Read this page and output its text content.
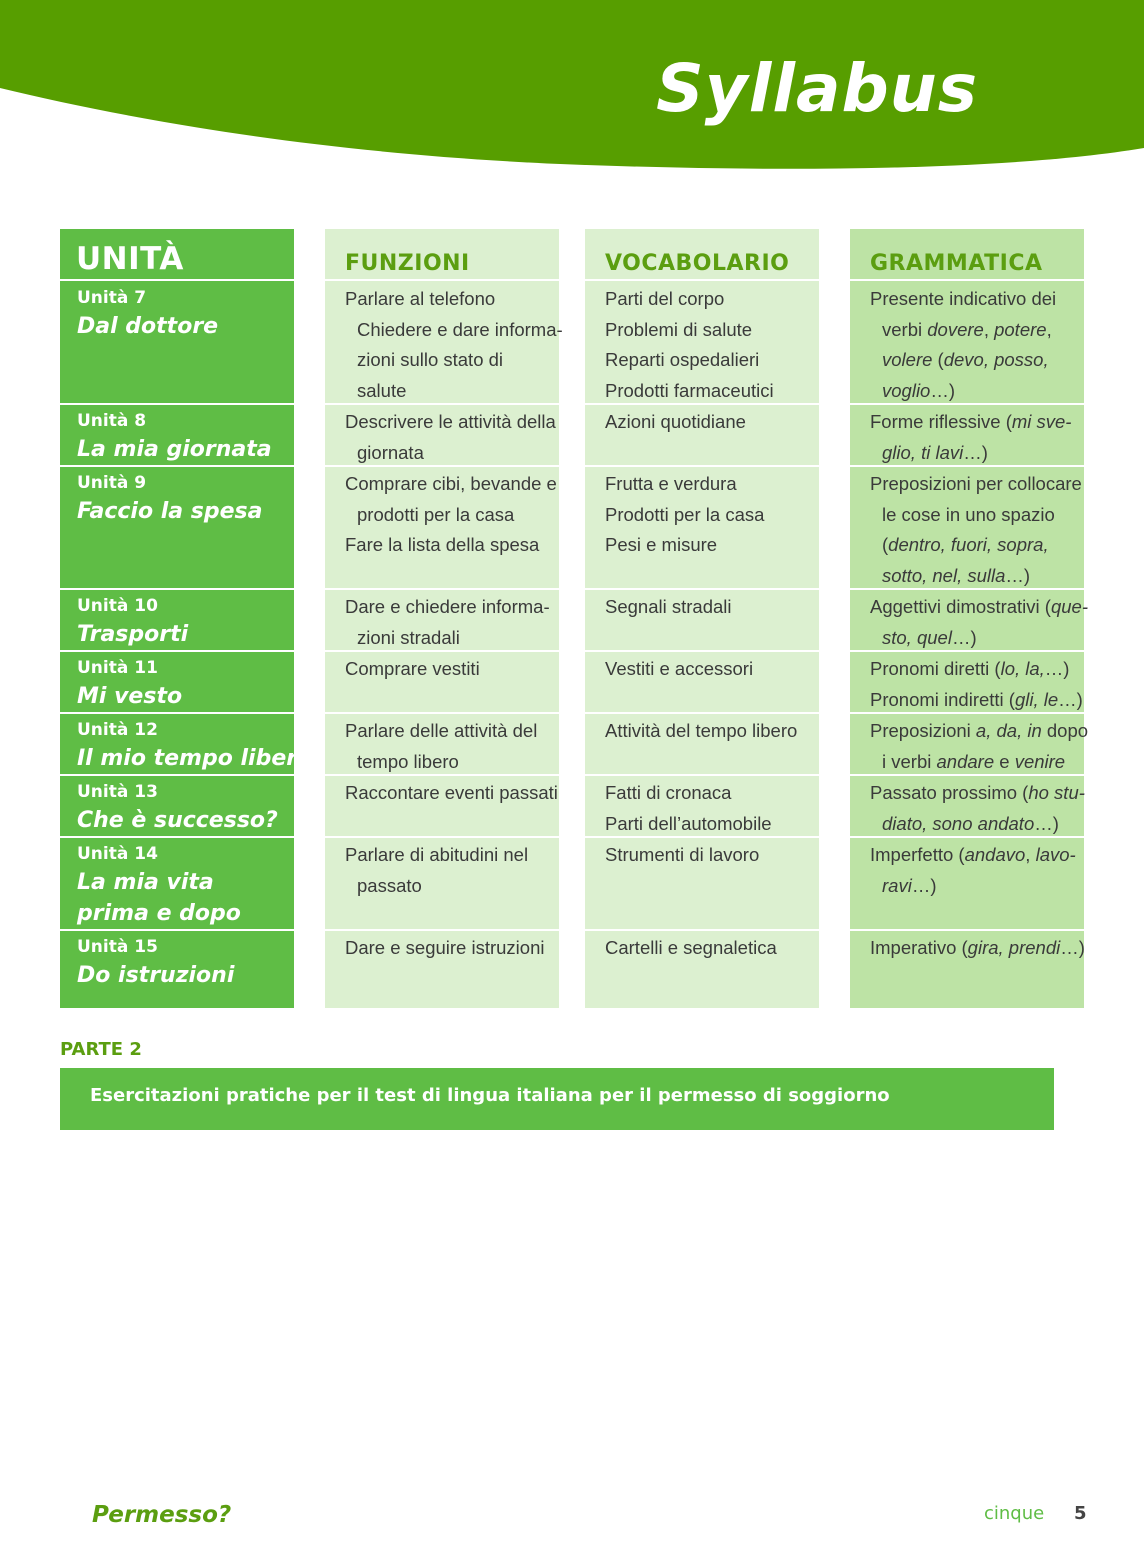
Syllabus
UNITÀ
Unità 7
Dal dottore
Unità 8
La mia giornata
Unità 9
Faccio la spesa
Unità 10
Trasporti
Unità 11
Mi vesto
Unità 12
Il mio tempo libero
Unità 13
Che è successo?
Unità 14
La mia vita
prima e dopo
Unità 15
Do istruzioni
FUNZIONI
Parlare al telefono
Chiedere e dare informa-
zioni sullo stato di
salute
Descrivere le attività della
giornata
Comprare cibi, bevande e
prodotti per la casa
Fare la lista della spesa
Dare e chiedere informa-
zioni stradali
Comprare vestiti
Parlare delle attività del
tempo libero
Raccontare eventi passati
Parlare di abitudini nel
passato
Dare e seguire istruzioni
VOCABOLARIO
Parti del corpo
Problemi di salute
Reparti ospedalieri
Prodotti farmaceutici
Azioni quotidiane
Frutta e verdura
Prodotti per la casa
Pesi e misure
Segnali stradali
Vestiti e accessori
Attività del tempo libero
Fatti di cronaca
Parti dell’automobile
Strumenti di lavoro
Cartelli e segnaletica
GRAMMATICA
Presente indicativo dei
verbi dovere, potere,
volere (devo, posso,
voglio…)
Forme riflessive (mi sve-
glio, ti lavi…)
Preposizioni per collocare
le cose in uno spazio
(dentro, fuori, sopra,
sotto, nel, sulla…)
Aggettivi dimostrativi (que-
sto, quel…)
Pronomi diretti (lo, la,…)
Pronomi indiretti (gli, le…)
Preposizioni a, da, in dopo
i verbi andare e venire
Passato prossimo (ho stu-
diato, sono andato…)
Imperfetto (andavo, lavo-
ravi…)
Imperativo (gira, prendi…)
PARTE 2
Esercitazioni pratiche per il test di lingua italiana per il permesso di soggiorno
Permesso?	cinque 5
